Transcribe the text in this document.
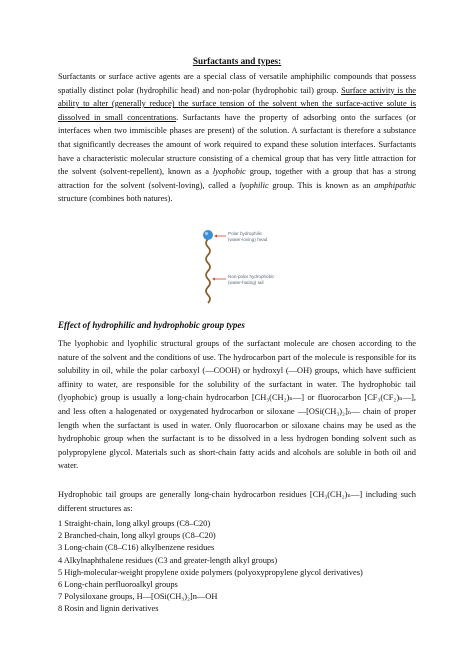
Surfactants and types:

Surfactants or surface active agents are a special class of versatile amphiphilic compounds that possess spatially distinct polar (hydrophilic head) and non-polar (hydrophobic tail) group. Surface activity is the ability to alter (generally reduce) the surface tension of the solvent when the surface-active solute is dissolved in small concentrations. Surfactants have the property of adsorbing onto the surfaces (or interfaces when two immiscible phases are present) of the solution. A surfactant is therefore a substance that significantly decreases the amount of work required to expand these solution interfaces. Surfactants have a characteristic molecular structure consisting of a chemical group that has very little attraction for the solvent (solvent-repellent), known as a lyophobic group, together with a group that has a strong attraction for the solvent (solvent-loving), called a lyophilic group. This is known as an amphipathic structure (combines both natures).

Polar hydrophilic
(water-loving) head
Non-polar hydrophobic
(water-hating) tail
Effect of hydrophilic and hydrophobic group types

The lyophobic and lyophilic structural groups of the surfactant molecule are chosen according to the nature of the solvent and the conditions of use. The hydrocarbon part of the molecule is responsible for its solubility in oil, while the polar carboxyl (—COOH) or hydroxyl (—OH) groups, which have sufficient affinity to water, are responsible for the solubility of the surfactant in water. The hydrophobic tail (lyophobic) group is usually a long-chain hydrocarbon [CH₃(CH₂)ₙ—] or fluorocarbon [CF₃(CF₂)ₙ—], and less often a halogenated or oxygenated hydrocarbon or siloxane —[OSi(CH₃)₂]ₙ— chain of proper length when the surfactant is used in water. Only fluorocarbon or siloxane chains may be used as the hydrophobic group when the surfactant is to be dissolved in a less hydrogen bonding solvent such as polypropylene glycol. Materials such as short-chain fatty acids and alcohols are soluble in both oil and water.

Hydrophobic tail groups are generally long-chain hydrocarbon residues [CH₃(CH₂)ₙ—] including such different structures as:

1 Straight-chain, long alkyl groups (C8–C20)
2 Branched-chain, long alkyl groups (C8–C20)
3 Long-chain (C8–C16) alkylbenzene residues
4 Alkylnaphthalene residues (C3 and greater-length alkyl groups)
5 High-molecular-weight propylene oxide polymers (polyoxypropylene glycol derivatives)
6 Long-chain perfluoroalkyl groups
7 Polysiloxane groups, H—[OSi(CH₃)₂]n—OH
8 Rosin and lignin derivatives
